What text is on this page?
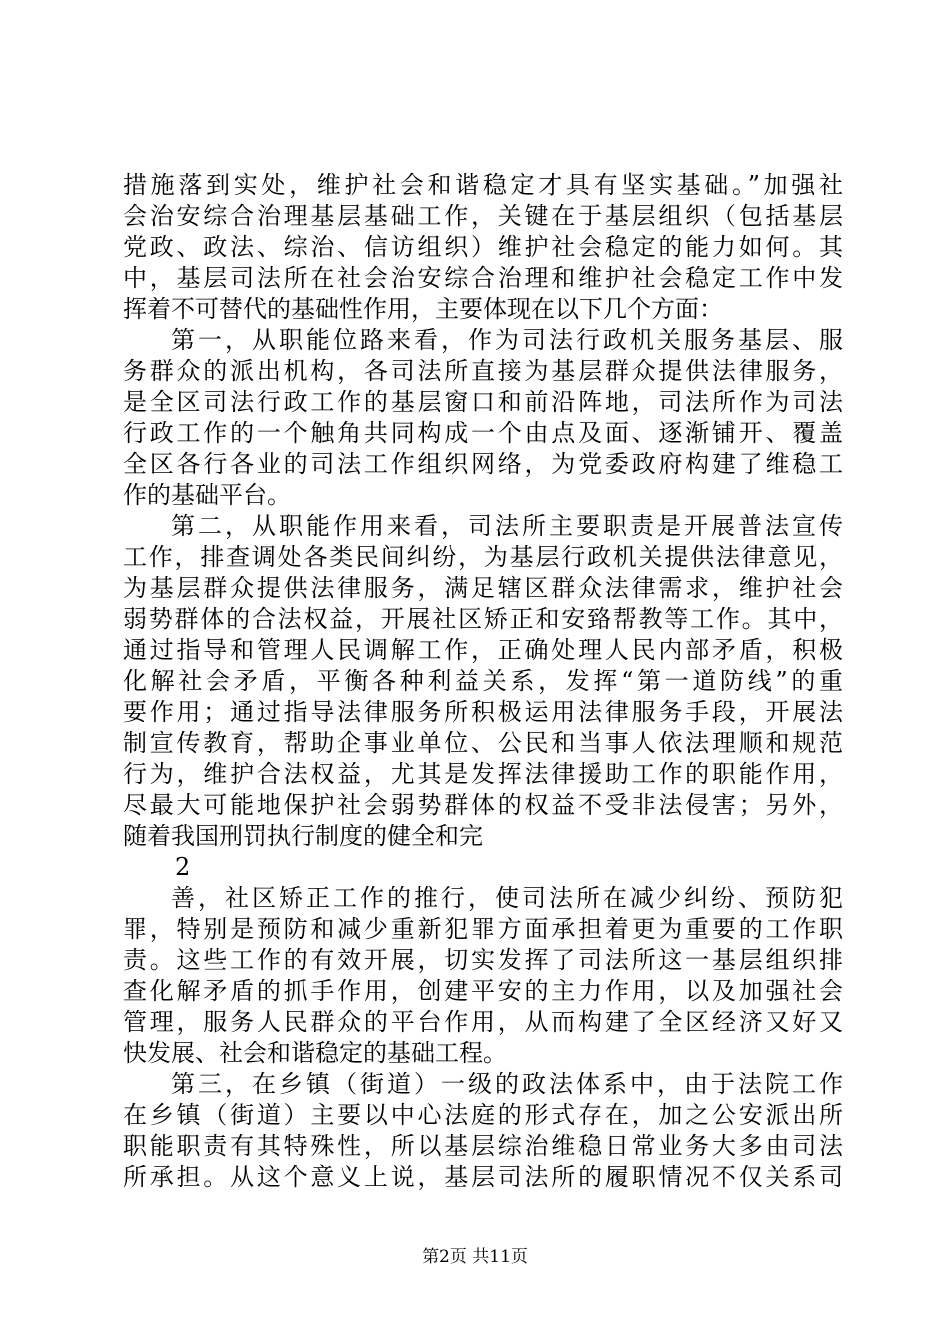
措施落到实处，维护社会和谐稳定才具有坚实基础。”加强社
会治安综合治理基层基础工作，关键在于基层组织（包括基层
党政、政法、综治、信访组织）维护社会稳定的能力如何。其
中，基层司法所在社会治安综合治理和维护社会稳定工作中发
挥着不可替代的基础性作用，主要体现在以下几个方面：
第一，从职能位路来看，作为司法行政机关服务基层、服
务群众的派出机构，各司法所直接为基层群众提供法律服务，
是全区司法行政工作的基层窗口和前沿阵地，司法所作为司法
行政工作的一个触角共同构成一个由点及面、逐渐铺开、覆盖
全区各行各业的司法工作组织网络，为党委政府构建了维稳工
作的基础平台。
第二，从职能作用来看，司法所主要职责是开展普法宣传
工作，排查调处各类民间纠纷，为基层行政机关提供法律意见，
为基层群众提供法律服务，满足辖区群众法律需求，维护社会
弱势群体的合法权益，开展社区矫正和安臵帮教等工作。其中，
通过指导和管理人民调解工作，正确处理人民内部矛盾，积极
化解社会矛盾，平衡各种利益关系，发挥“第一道防线”的重
要作用；通过指导法律服务所积极运用法律服务手段，开展法
制宣传教育，帮助企事业单位、公民和当事人依法理顺和规范
行为，维护合法权益，尤其是发挥法律援助工作的职能作用，
尽最大可能地保护社会弱势群体的权益不受非法侵害；另外，
随着我国刑罚执行制度的健全和完
2
善，社区矫正工作的推行，使司法所在减少纠纷、预防犯
罪，特别是预防和减少重新犯罪方面承担着更为重要的工作职
责。这些工作的有效开展，切实发挥了司法所这一基层组织排
查化解矛盾的抓手作用，创建平安的主力作用，以及加强社会
管理，服务人民群众的平台作用，从而构建了全区经济又好又
快发展、社会和谐稳定的基础工程。
第三，在乡镇（街道）一级的政法体系中，由于法院工作
在乡镇（街道）主要以中心法庭的形式存在，加之公安派出所
职能职责有其特殊性，所以基层综治维稳日常业务大多由司法
所承担。从这个意义上说，基层司法所的履职情况不仅关系司
第2页 共11页
